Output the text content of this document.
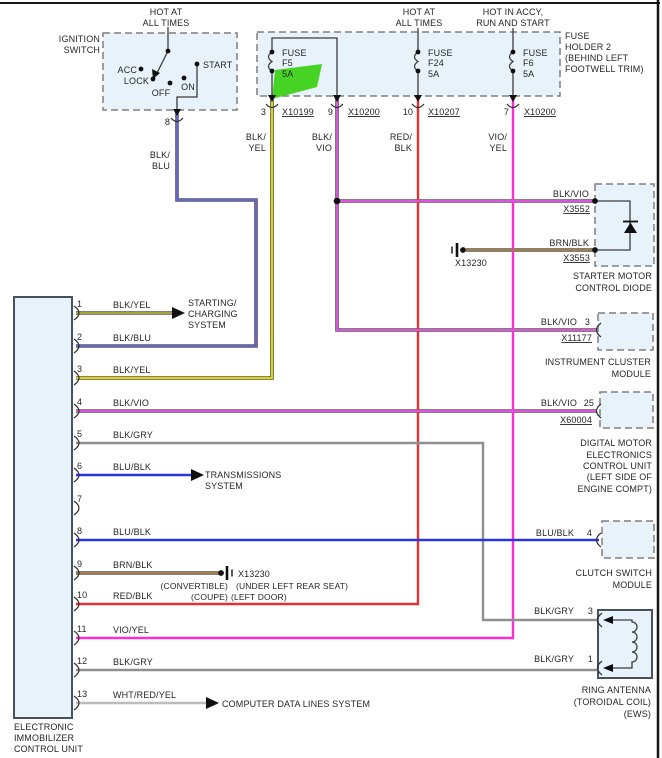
HOT AT
ALL TIMES
HOT AT
ALL TIMES
HOT IN ACCY,
RUN AND START
IGNITION
SWITCH
ACC
LOCK
OFF
ON
START
8
BLK/
BLU
FUSE
HOLDER 2
(BEHIND LEFT
FOOTWELL TRIM)
FUSE
F5
5A
FUSE
F24
5A
FUSE
F6
5A
3 X10199 9 X10200	10 X10207	7 X10200
BLK/
YEL
BLK/
VIO
RED/
BLK
VIO/
YEL
1	BLK/YEL
2	BLK/BLU
3	BLK/YEL
4	BLK/VIO
5	BLK/GRY
6	BLU/BLK
7
8	BLU/BLK
9	BRN/BLK
10	RED/BLK
11	VIO/YEL
12	BLK/GRY
13	WHT/RED/YEL
STARTING/
CHARGING
SYSTEM
TRANSMISSIONS
SYSTEM
COMPUTER DATA LINES SYSTEM
X13230
(CONVERTIBLE) (UNDER LEFT REAR SEAT)
(COUPE) (LEFT DOOR)
X13230
BLK/VIO
X3552
BRN/BLK
X3553
STARTER MOTOR
CONTROL DIODE
BLK/VIO 3
X11177
INSTRUMENT CLUSTER
MODULE
BLK/VIO 25
X60004
DIGITAL MOTOR
ELECTRONICS
CONTROL UNIT
(LEFT SIDE OF
ENGINE COMPT)
BLU/BLK 4
CLUTCH SWITCH
MODULE
BLK/GRY 3
BLK/GRY 1
RING ANTENNA
(TOROIDAL COIL)
(EWS)
ELECTRONIC
IMMOBILIZER
CONTROL UNIT
